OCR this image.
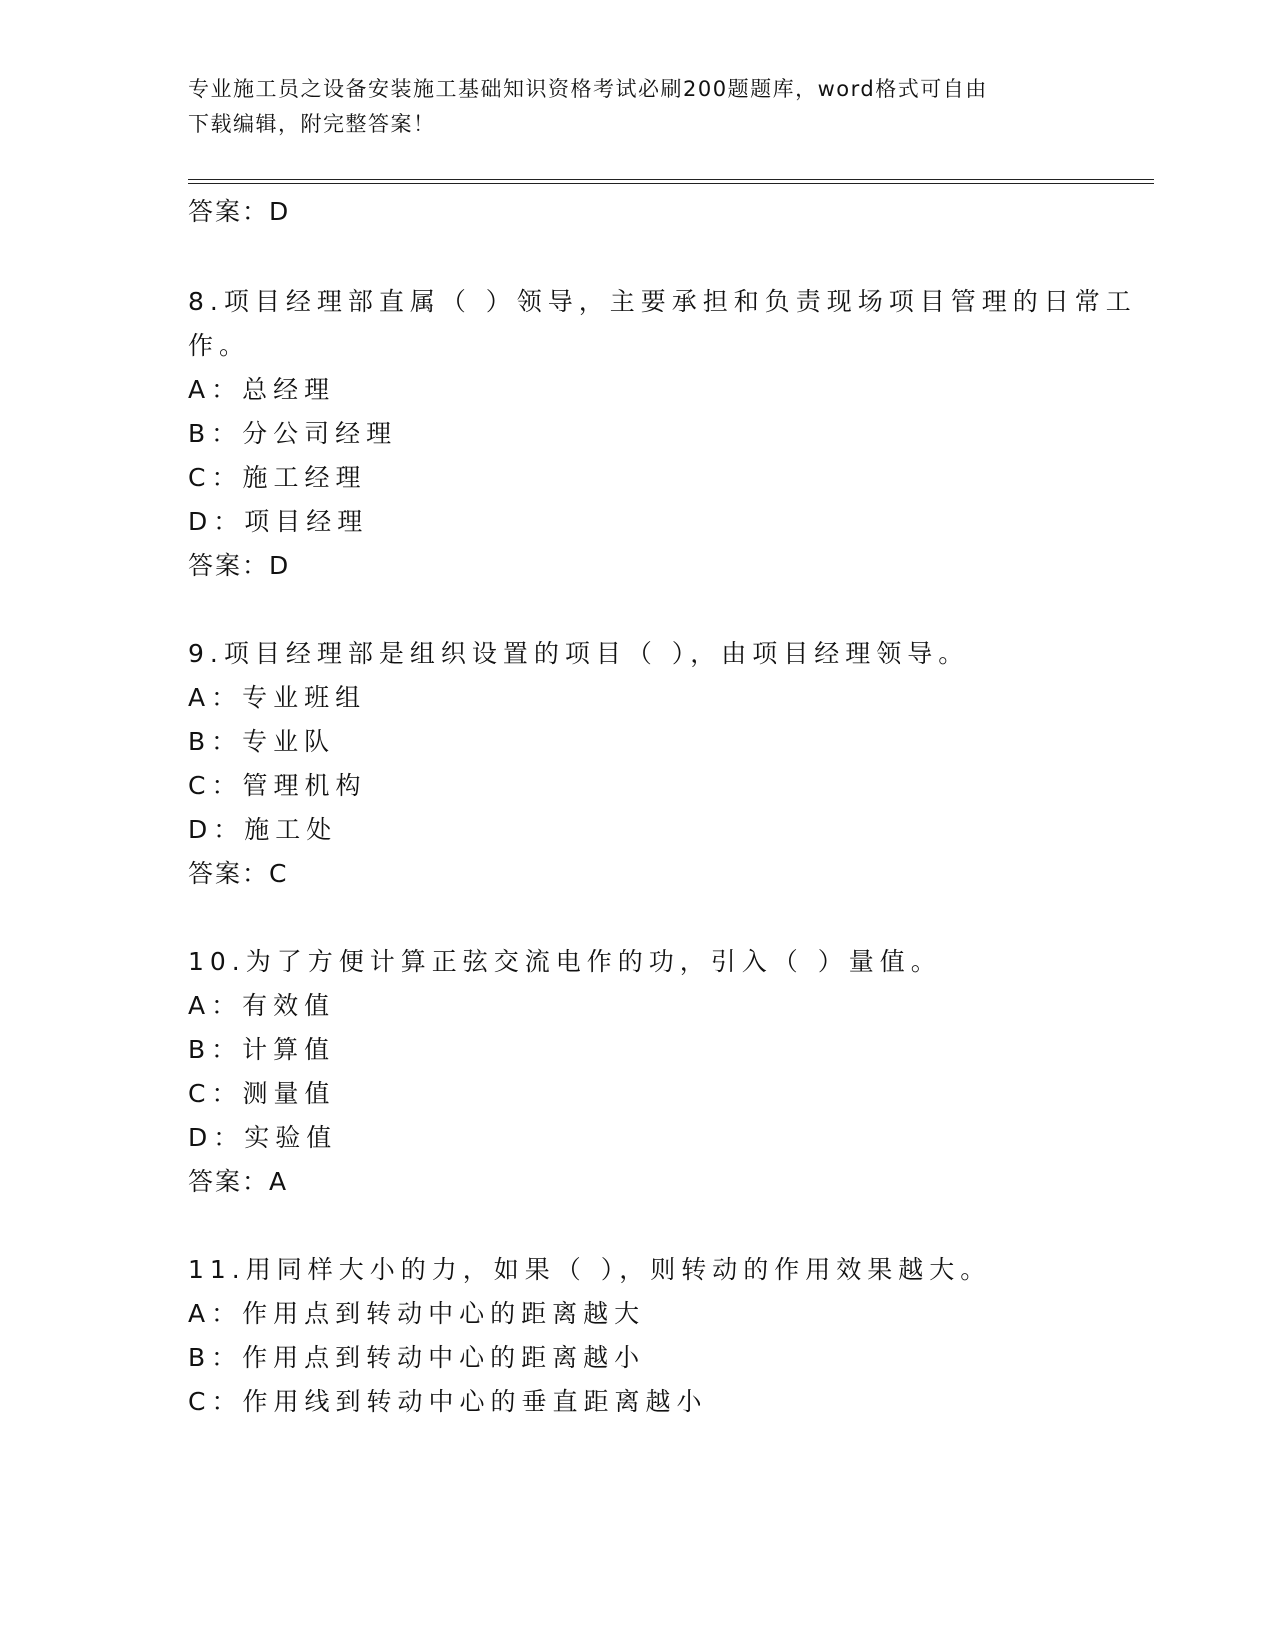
专业施工员之设备安装施工基础知识资格考试必刷200题题库，word格式可自由
下载编辑，附完整答案！
答案：D
8.项目经理部直属（ ）领导，主要承担和负责现场项目管理的日常工
作。
A：总经理
B：分公司经理
C：施工经理
D：项目经理
答案：D
9.项目经理部是组织设置的项目（ ），由项目经理领导。
A：专业班组
B：专业队
C：管理机构
D：施工处
答案：C
10.为了方便计算正弦交流电作的功，引入（ ）量值。
A：有效值
B：计算值
C：测量值
D：实验值
答案：A
11.用同样大小的力，如果（ ），则转动的作用效果越大。
A：作用点到转动中心的距离越大
B：作用点到转动中心的距离越小
C：作用线到转动中心的垂直距离越小
